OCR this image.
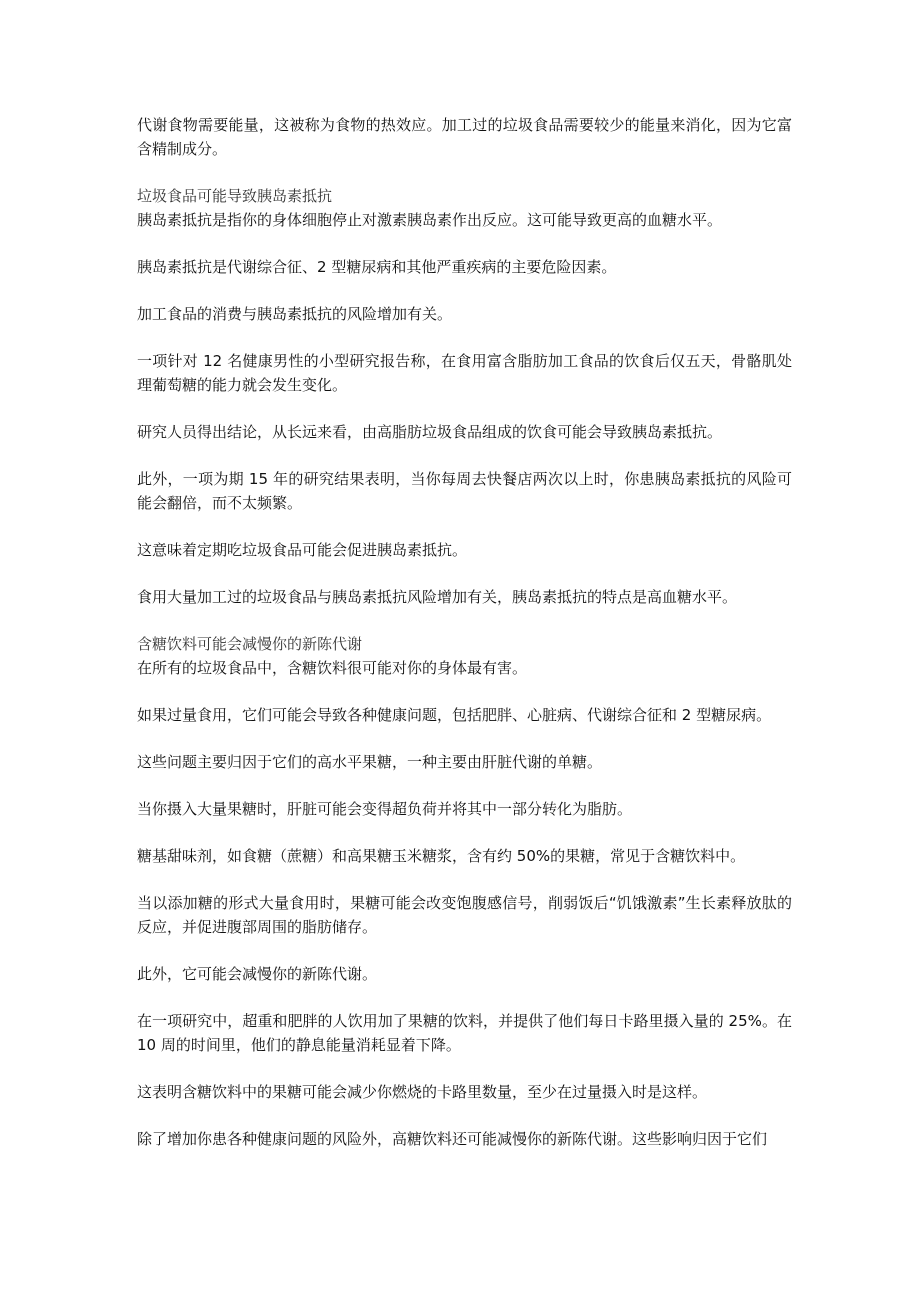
代谢食物需要能量，这被称为食物的热效应。加工过的垃圾食品需要较少的能量来消化，因为它富含精制成分。

垃圾食品可能导致胰岛素抵抗

胰岛素抵抗是指你的身体细胞停止对激素胰岛素作出反应。这可能导致更高的血糖水平。

胰岛素抵抗是代谢综合征、2 型糖尿病和其他严重疾病的主要危险因素。

加工食品的消费与胰岛素抵抗的风险增加有关。

一项针对 12 名健康男性的小型研究报告称，在食用富含脂肪加工食品的饮食后仅五天，骨骼肌处理葡萄糖的能力就会发生变化。

研究人员得出结论，从长远来看，由高脂肪垃圾食品组成的饮食可能会导致胰岛素抵抗。

此外，一项为期 15 年的研究结果表明，当你每周去快餐店两次以上时，你患胰岛素抵抗的风险可能会翻倍，而不太频繁。

这意味着定期吃垃圾食品可能会促进胰岛素抵抗。

食用大量加工过的垃圾食品与胰岛素抵抗风险增加有关，胰岛素抵抗的特点是高血糖水平。

含糖饮料可能会减慢你的新陈代谢

在所有的垃圾食品中，含糖饮料很可能对你的身体最有害。

如果过量食用，它们可能会导致各种健康问题，包括肥胖、心脏病、代谢综合征和 2 型糖尿病。

这些问题主要归因于它们的高水平果糖，一种主要由肝脏代谢的单糖。

当你摄入大量果糖时，肝脏可能会变得超负荷并将其中一部分转化为脂肪。

糖基甜味剂，如食糖（蔗糖）和高果糖玉米糖浆，含有约 50%的果糖，常见于含糖饮料中。

当以添加糖的形式大量食用时，果糖可能会改变饱腹感信号，削弱饭后“饥饿激素”生长素释放肽的反应，并促进腹部周围的脂肪储存。

此外，它可能会减慢你的新陈代谢。

在一项研究中，超重和肥胖的人饮用加了果糖的饮料，并提供了他们每日卡路里摄入量的 25%。在 10 周的时间里，他们的静息能量消耗显着下降。

这表明含糖饮料中的果糖可能会减少你燃烧的卡路里数量，至少在过量摄入时是这样。

除了增加你患各种健康问题的风险外，高糖饮料还可能减慢你的新陈代谢。这些影响归因于它们
